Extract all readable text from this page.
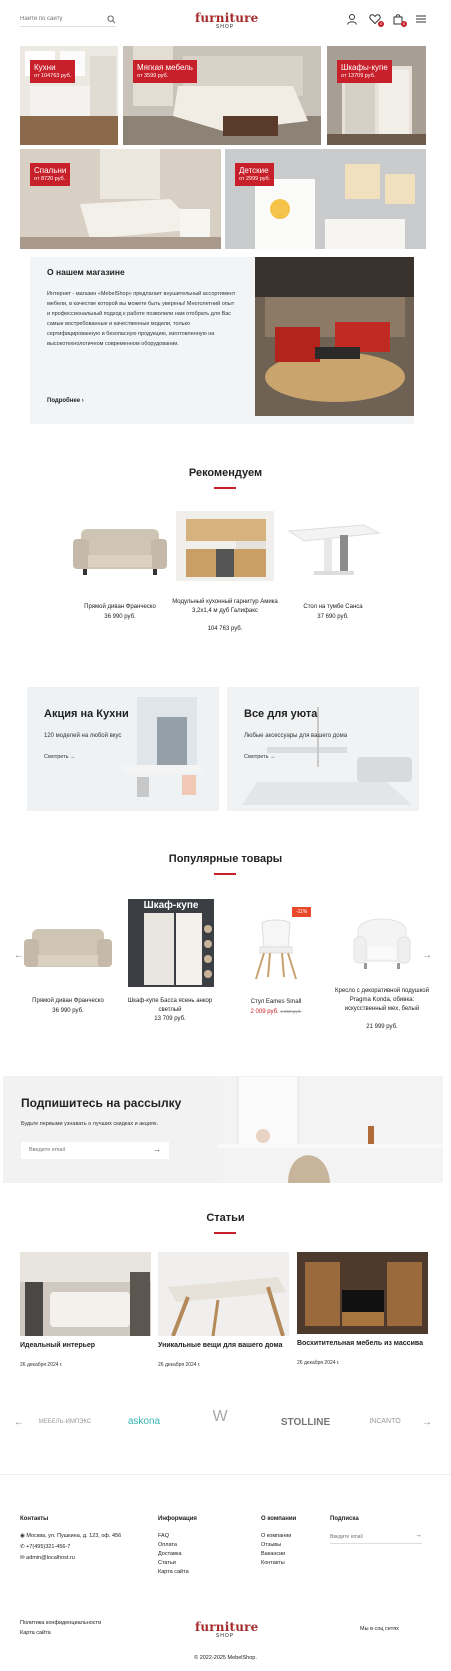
Найти по сайту
furniture
SHOP
0	0
Кухни
от 104763 руб.
Мягкая мебель
от 3599 руб.
Шкафы-купе
от 13709 руб.
Спальни
от 8720 руб.
Детские
от 2999 руб.
О нашем магазине
Интернет - магазин «MebelShop» предлагает внушительный ассортимент мебели, в качестве которой вы можете быть уверены! Многолетний опыт и профессиональный подход к работе позволили нам отобрать для Вас самые востребованные и качественные модели, только сертифицированную и безопасную продукцию, изготовленную на высокотехнологичном современном оборудовании.
Подробнее ›
Рекомендуем
Прямой диван Франческо
36 990 руб.
Модульный кухонный гарнитур Амика 3,2х1,4 м дуб Галифакс
104 763 руб.
Стол на тумбе Санса
37 690 руб.
Акция на Кухни
120 моделей на любой вкус
Смотреть →
Все для уюта
Любые аксессуары для вашего дома
Смотреть →
Популярные товары
←	→
Прямой диван Франческо
36 990 руб.
Шкаф-купе
Шкаф-купе Басса ясень анкор светлый
13 709 руб.
-11%
Стул Eames Small
2 009 руб. 2 259 руб.
Кресло с декоративной подушкой Pragma Konda, обивка: искусственный мех, белый
21 999 руб.
Подпишитесь на рассылку
Будьте первыми узнавать о лучших скидках и акциях.
Введите email
→
Статьи
Идеальный интерьер
26 декабря 2024 г.
Уникальные вещи для вашего дома
26 декабря 2024 г.
Восхитительная мебель из массива
26 декабря 2024 г.
←	→
МЕБЕЛЬ-ИМПЭКС	askona	W	STOLLINE	INCANTO
Контакты
◉ Москва, ул. Пушкина, д. 123, оф. 456
✆ +7(495)321-456-7
✉ admin@localhost.ru
Информация
FAQ
Оплата
Доставка
Статьи
Карта сайта
О компании
О компании
Отзывы
Вакансии
Контакты
Подписка
Введите email
→
Политика конфиденциальности
Карта сайта	furniture
SHOP
Мы в соц сетях
© 2022-2025 MebelShop.
